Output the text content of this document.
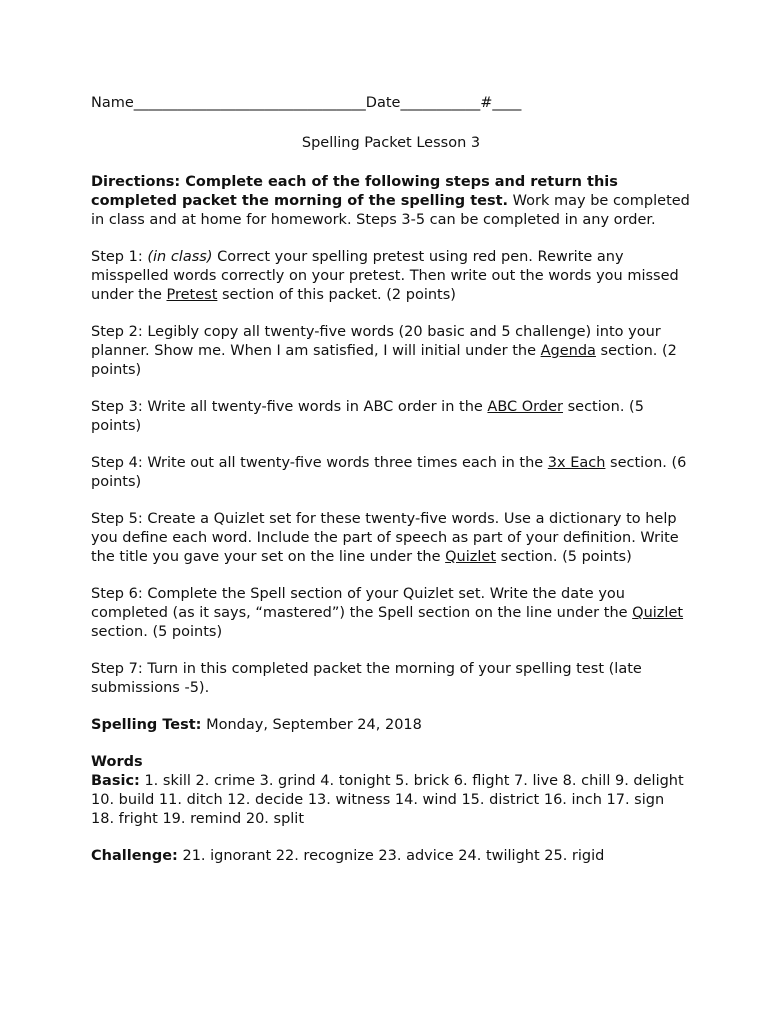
Name________________________________Date___________#____
Spelling Packet Lesson 3

Directions: Complete each of the following steps and return this completed packet the morning of the spelling test. Work may be completed in class and at home for homework. Steps 3-5 can be completed in any order.

Step 1: (in class) Correct your spelling pretest using red pen. Rewrite any misspelled words correctly on your pretest. Then write out the words you missed under the Pretest section of this packet. (2 points)

Step 2: Legibly copy all twenty-five words (20 basic and 5 challenge) into your planner. Show me. When I am satisfied, I will initial under the Agenda section. (2 points)

Step 3: Write all twenty-five words in ABC order in the ABC Order section. (5 points)

Step 4: Write out all twenty-five words three times each in the 3x Each section. (6 points)

Step 5: Create a Quizlet set for these twenty-five words. Use a dictionary to help you define each word. Include the part of speech as part of your definition. Write the title you gave your set on the line under the Quizlet section. (5 points)

Step 6: Complete the Spell section of your Quizlet set. Write the date you completed (as it says, “mastered”) the Spell section on the line under the Quizlet section. (5 points)

Step 7: Turn in this completed packet the morning of your spelling test (late submissions -5).

Spelling Test: Monday, September 24, 2018

Words
Basic: 1. skill 2. crime 3. grind 4. tonight 5. brick 6. flight 7. live 8. chill 9. delight 10. build 11. ditch 12. decide 13. witness 14. wind 15. district 16. inch 17. sign 18. fright 19. remind 20. split

Challenge: 21. ignorant 22. recognize 23. advice 24. twilight 25. rigid
